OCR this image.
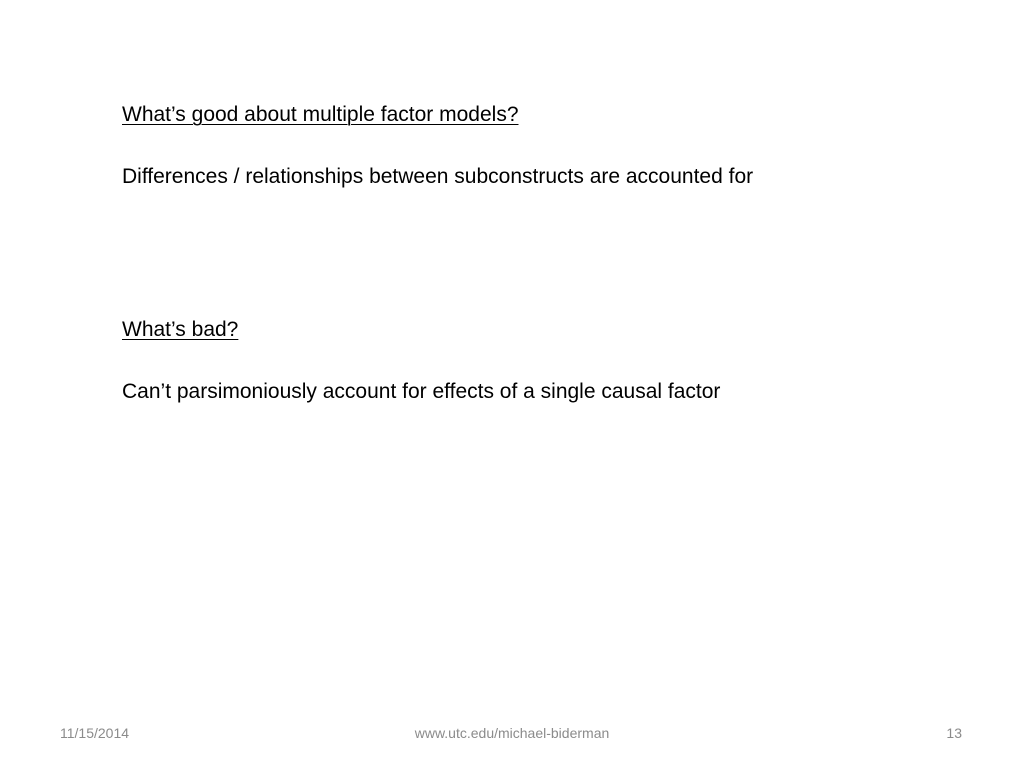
What’s good about multiple factor models?
Differences / relationships between subconstructs are accounted for
What’s bad?
Can’t parsimoniously account for effects of a single causal factor
11/15/2014	www.utc.edu/michael-biderman	13
